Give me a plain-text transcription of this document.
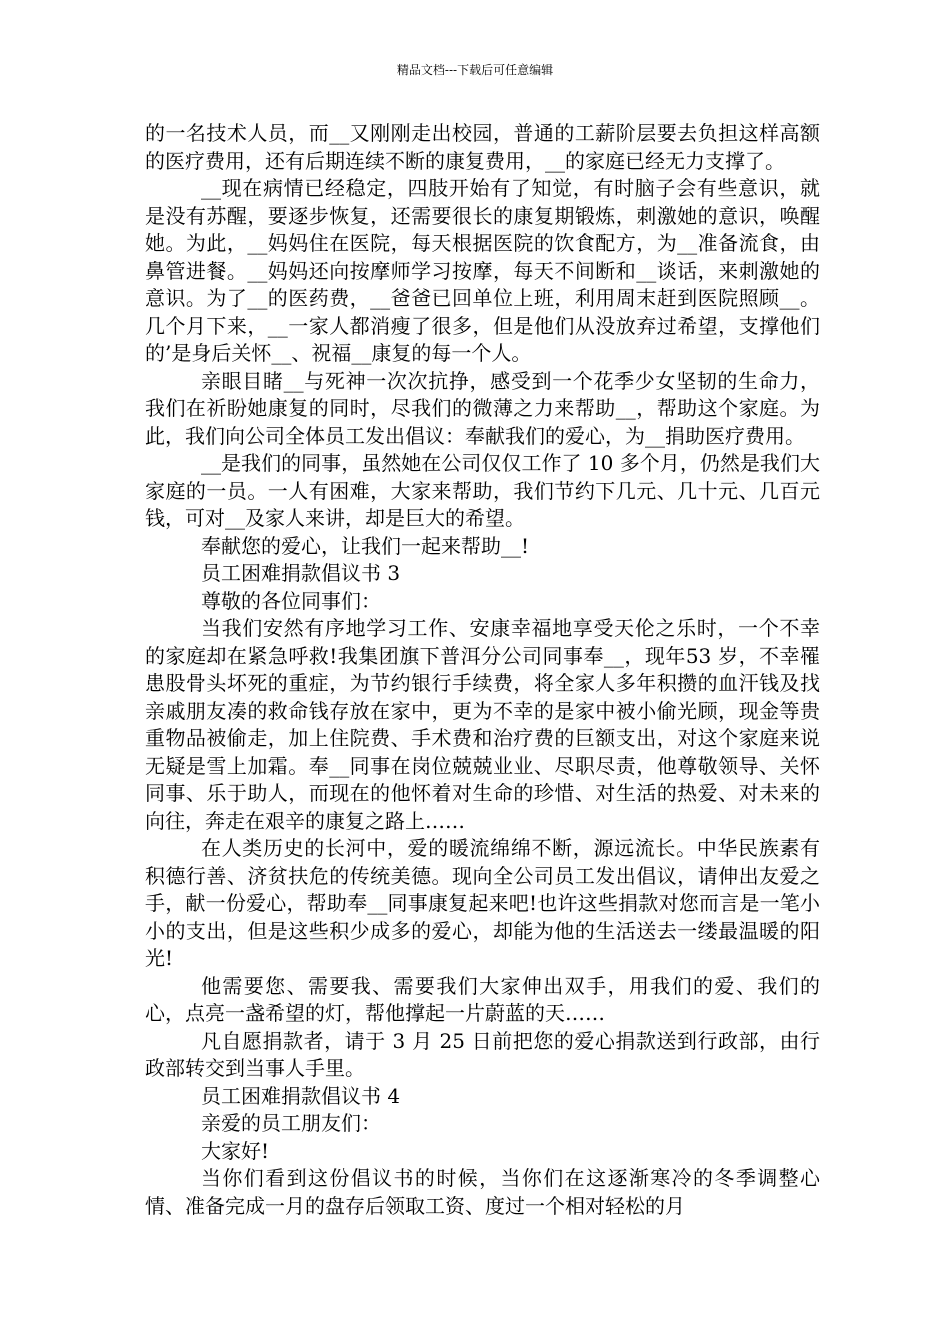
精品文档---下载后可任意编辑

的一名技术人员，而__又刚刚走出校园，普通的工薪阶层要去负担这样高额的医疗费用，还有后期连续不断的康复费用，__的家庭已经无力支撑了。

__现在病情已经稳定，四肢开始有了知觉，有时脑子会有些意识，就是没有苏醒，要逐步恢复，还需要很长的康复期锻炼，刺激她的意识，唤醒她。为此，__妈妈住在医院，每天根据医院的饮食配方，为__准备流食，由鼻管进餐。__妈妈还向按摩师学习按摩，每天不间断和__谈话，来刺激她的意识。为了__的医药费，__爸爸已回单位上班，利用周末赶到医院照顾__。几个月下来，__一家人都消瘦了很多，但是他们从没放弃过希望，支撑他们的’是身后关怀__、祝福__康复的每一个人。

亲眼目睹__与死神一次次抗挣，感受到一个花季少女坚韧的生命力，我们在祈盼她康复的同时，尽我们的微薄之力来帮助__，帮助这个家庭。为此，我们向公司全体员工发出倡议：奉献我们的爱心，为__捐助医疗费用。

__是我们的同事，虽然她在公司仅仅工作了 10 多个月，仍然是我们大家庭的一员。一人有困难，大家来帮助，我们节约下几元、几十元、几百元钱，可对__及家人来讲，却是巨大的希望。

奉献您的爱心，让我们一起来帮助__!

员工困难捐款倡议书 3

尊敬的各位同事们：

当我们安然有序地学习工作、安康幸福地享受天伦之乐时，一个不幸的家庭却在紧急呼救!我集团旗下普洱分公司同事奉__，现年53 岁，不幸罹患股骨头坏死的重症，为节约银行手续费，将全家人多年积攒的血汗钱及找亲戚朋友凑的救命钱存放在家中，更为不幸的是家中被小偷光顾，现金等贵重物品被偷走，加上住院费、手术费和治疗费的巨额支出，对这个家庭来说无疑是雪上加霜。奉__同事在岗位兢兢业业、尽职尽责，他尊敬领导、关怀同事、乐于助人，而现在的他怀着对生命的珍惜、对生活的热爱、对未来的向往，奔走在艰辛的康复之路上……

在人类历史的长河中，爱的暖流绵绵不断，源远流长。中华民族素有积德行善、济贫扶危的传统美德。现向全公司员工发出倡议，请伸出友爱之手，献一份爱心，帮助奉__同事康复起来吧!也许这些捐款对您而言是一笔小小的支出，但是这些积少成多的爱心，却能为他的生活送去一缕最温暖的阳光!

他需要您、需要我、需要我们大家伸出双手，用我们的爱、我们的心，点亮一盏希望的灯，帮他撑起一片蔚蓝的天……

凡自愿捐款者，请于 3 月 25 日前把您的爱心捐款送到行政部，由行政部转交到当事人手里。

员工困难捐款倡议书 4

亲爱的员工朋友们：

大家好!

当你们看到这份倡议书的时候，当你们在这逐渐寒冷的冬季调整心情、准备完成一月的盘存后领取工资、度过一个相对轻松的月
